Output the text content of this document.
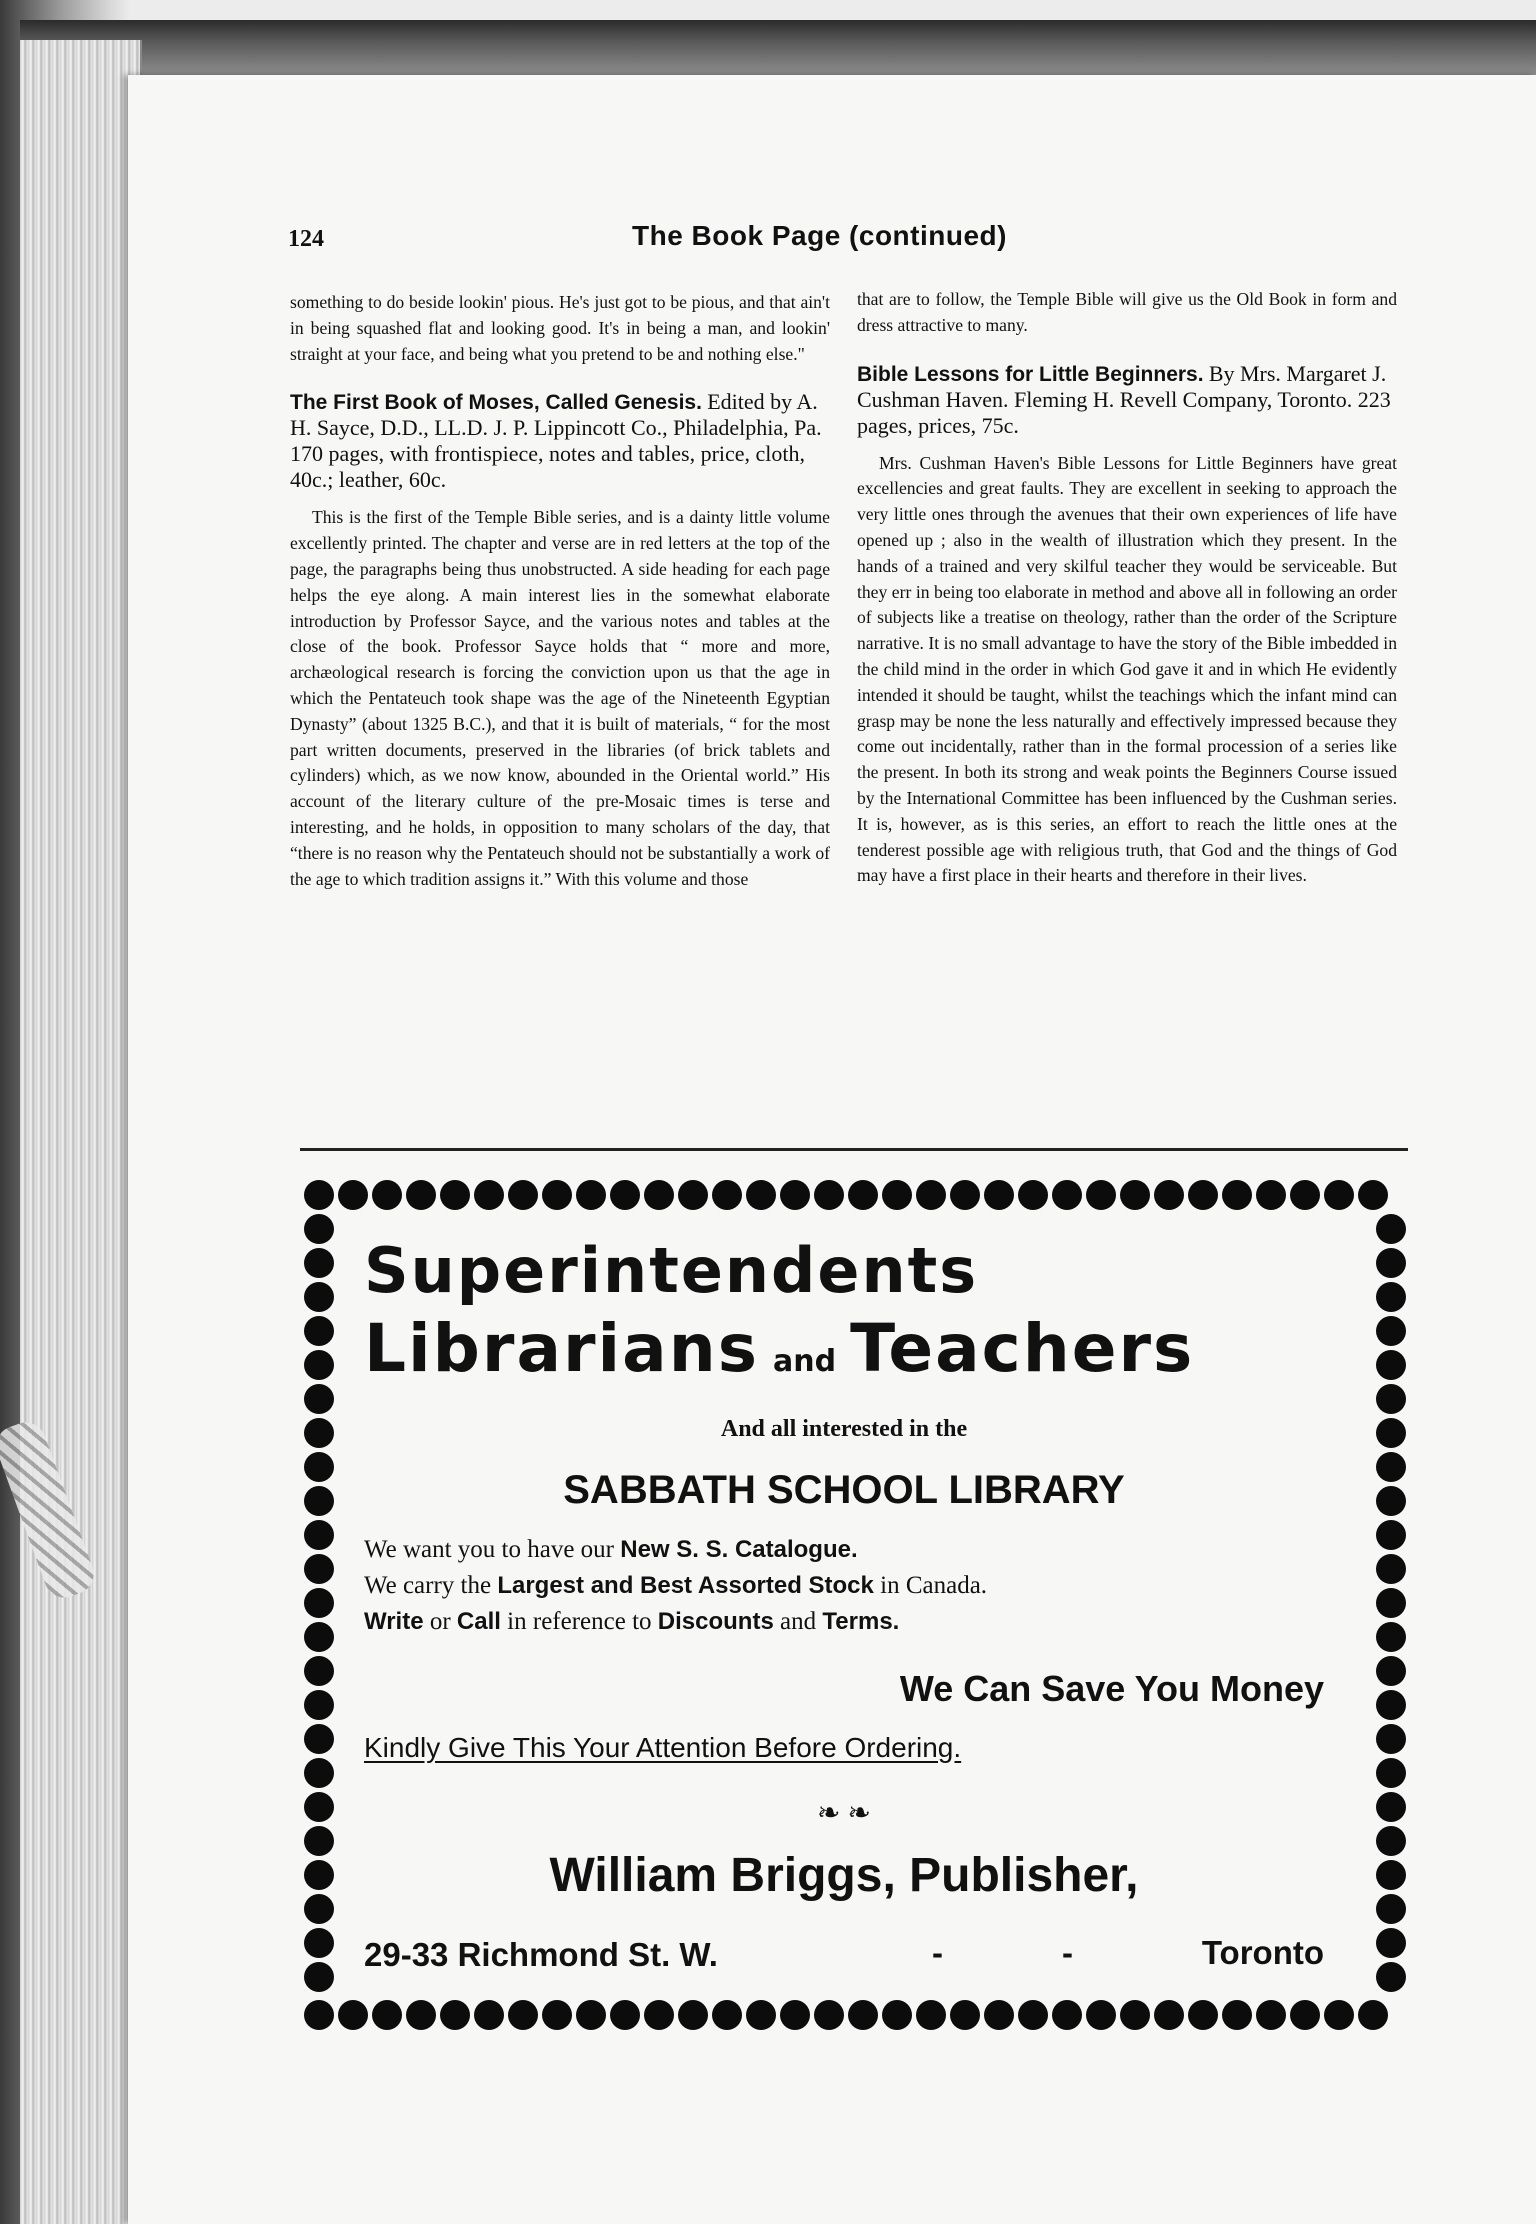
124	The Book Page (continued)

something to do beside lookin' pious. He's just got to be pious, and that ain't in being squashed flat and looking good. It's in being a man, and lookin' straight at your face, and being what you pretend to be and nothing else."

The First Book of Moses, Called Genesis. Edited by A. H. Sayce, D.D., LL.D. J. P. Lippincott Co., Philadelphia, Pa. 170 pages, with frontispiece, notes and tables, price, cloth, 40c.; leather, 60c.

This is the first of the Temple Bible series, and is a dainty little volume excellently printed. The chapter and verse are in red letters at the top of the page, the paragraphs being thus unobstructed. A side heading for each page helps the eye along. A main interest lies in the somewhat elaborate introduction by Professor Sayce, and the various notes and tables at the close of the book. Professor Sayce holds that “ more and more, archæological research is forcing the conviction upon us that the age in which the Pentateuch took shape was the age of the Nineteenth Egyptian Dynasty” (about 1325 B.C.), and that it is built of materials, “ for the most part written documents, preserved in the libraries (of brick tablets and cylinders) which, as we now know, abounded in the Oriental world.” His account of the literary culture of the pre-Mosaic times is terse and interesting, and he holds, in opposition to many scholars of the day, that “there is no reason why the Pentateuch should not be substantially a work of the age to which tradition assigns it.” With this volume and those

that are to follow, the Temple Bible will give us the Old Book in form and dress attractive to many.

Bible Lessons for Little Beginners. By Mrs. Margaret J. Cushman Haven. Fleming H. Revell Company, Toronto. 223 pages, prices, 75c.

Mrs. Cushman Haven's Bible Lessons for Little Beginners have great excellencies and great faults. They are excellent in seeking to approach the very little ones through the avenues that their own experiences of life have opened up ; also in the wealth of illustration which they present. In the hands of a trained and very skilful teacher they would be serviceable. But they err in being too elaborate in method and above all in following an order of subjects like a treatise on theology, rather than the order of the Scripture narrative. It is no small advantage to have the story of the Bible imbedded in the child mind in the order in which God gave it and in which He evidently intended it should be taught, whilst the teachings which the infant mind can grasp may be none the less naturally and effectively impressed because they come out incidentally, rather than in the formal procession of a series like the present. In both its strong and weak points the Beginners Course issued by the International Committee has been influenced by the Cushman series. It is, however, as is this series, an effort to reach the little ones at the tenderest possible age with religious truth, that God and the things of God may have a first place in their hearts and therefore in their lives.

Superintendents
Librarians and Teachers
And all interested in the
SABBATH SCHOOL LIBRARY
We want you to have our New S. S. Catalogue.
We carry the Largest and Best Assorted Stock in Canada.
Write or Call in reference to Discounts and Terms.
We Can Save You Money
Kindly Give This Your Attention Before Ordering.
❧ ❧
William Briggs, Publisher,
29-33 Richmond St. W.	-	-	Toronto
